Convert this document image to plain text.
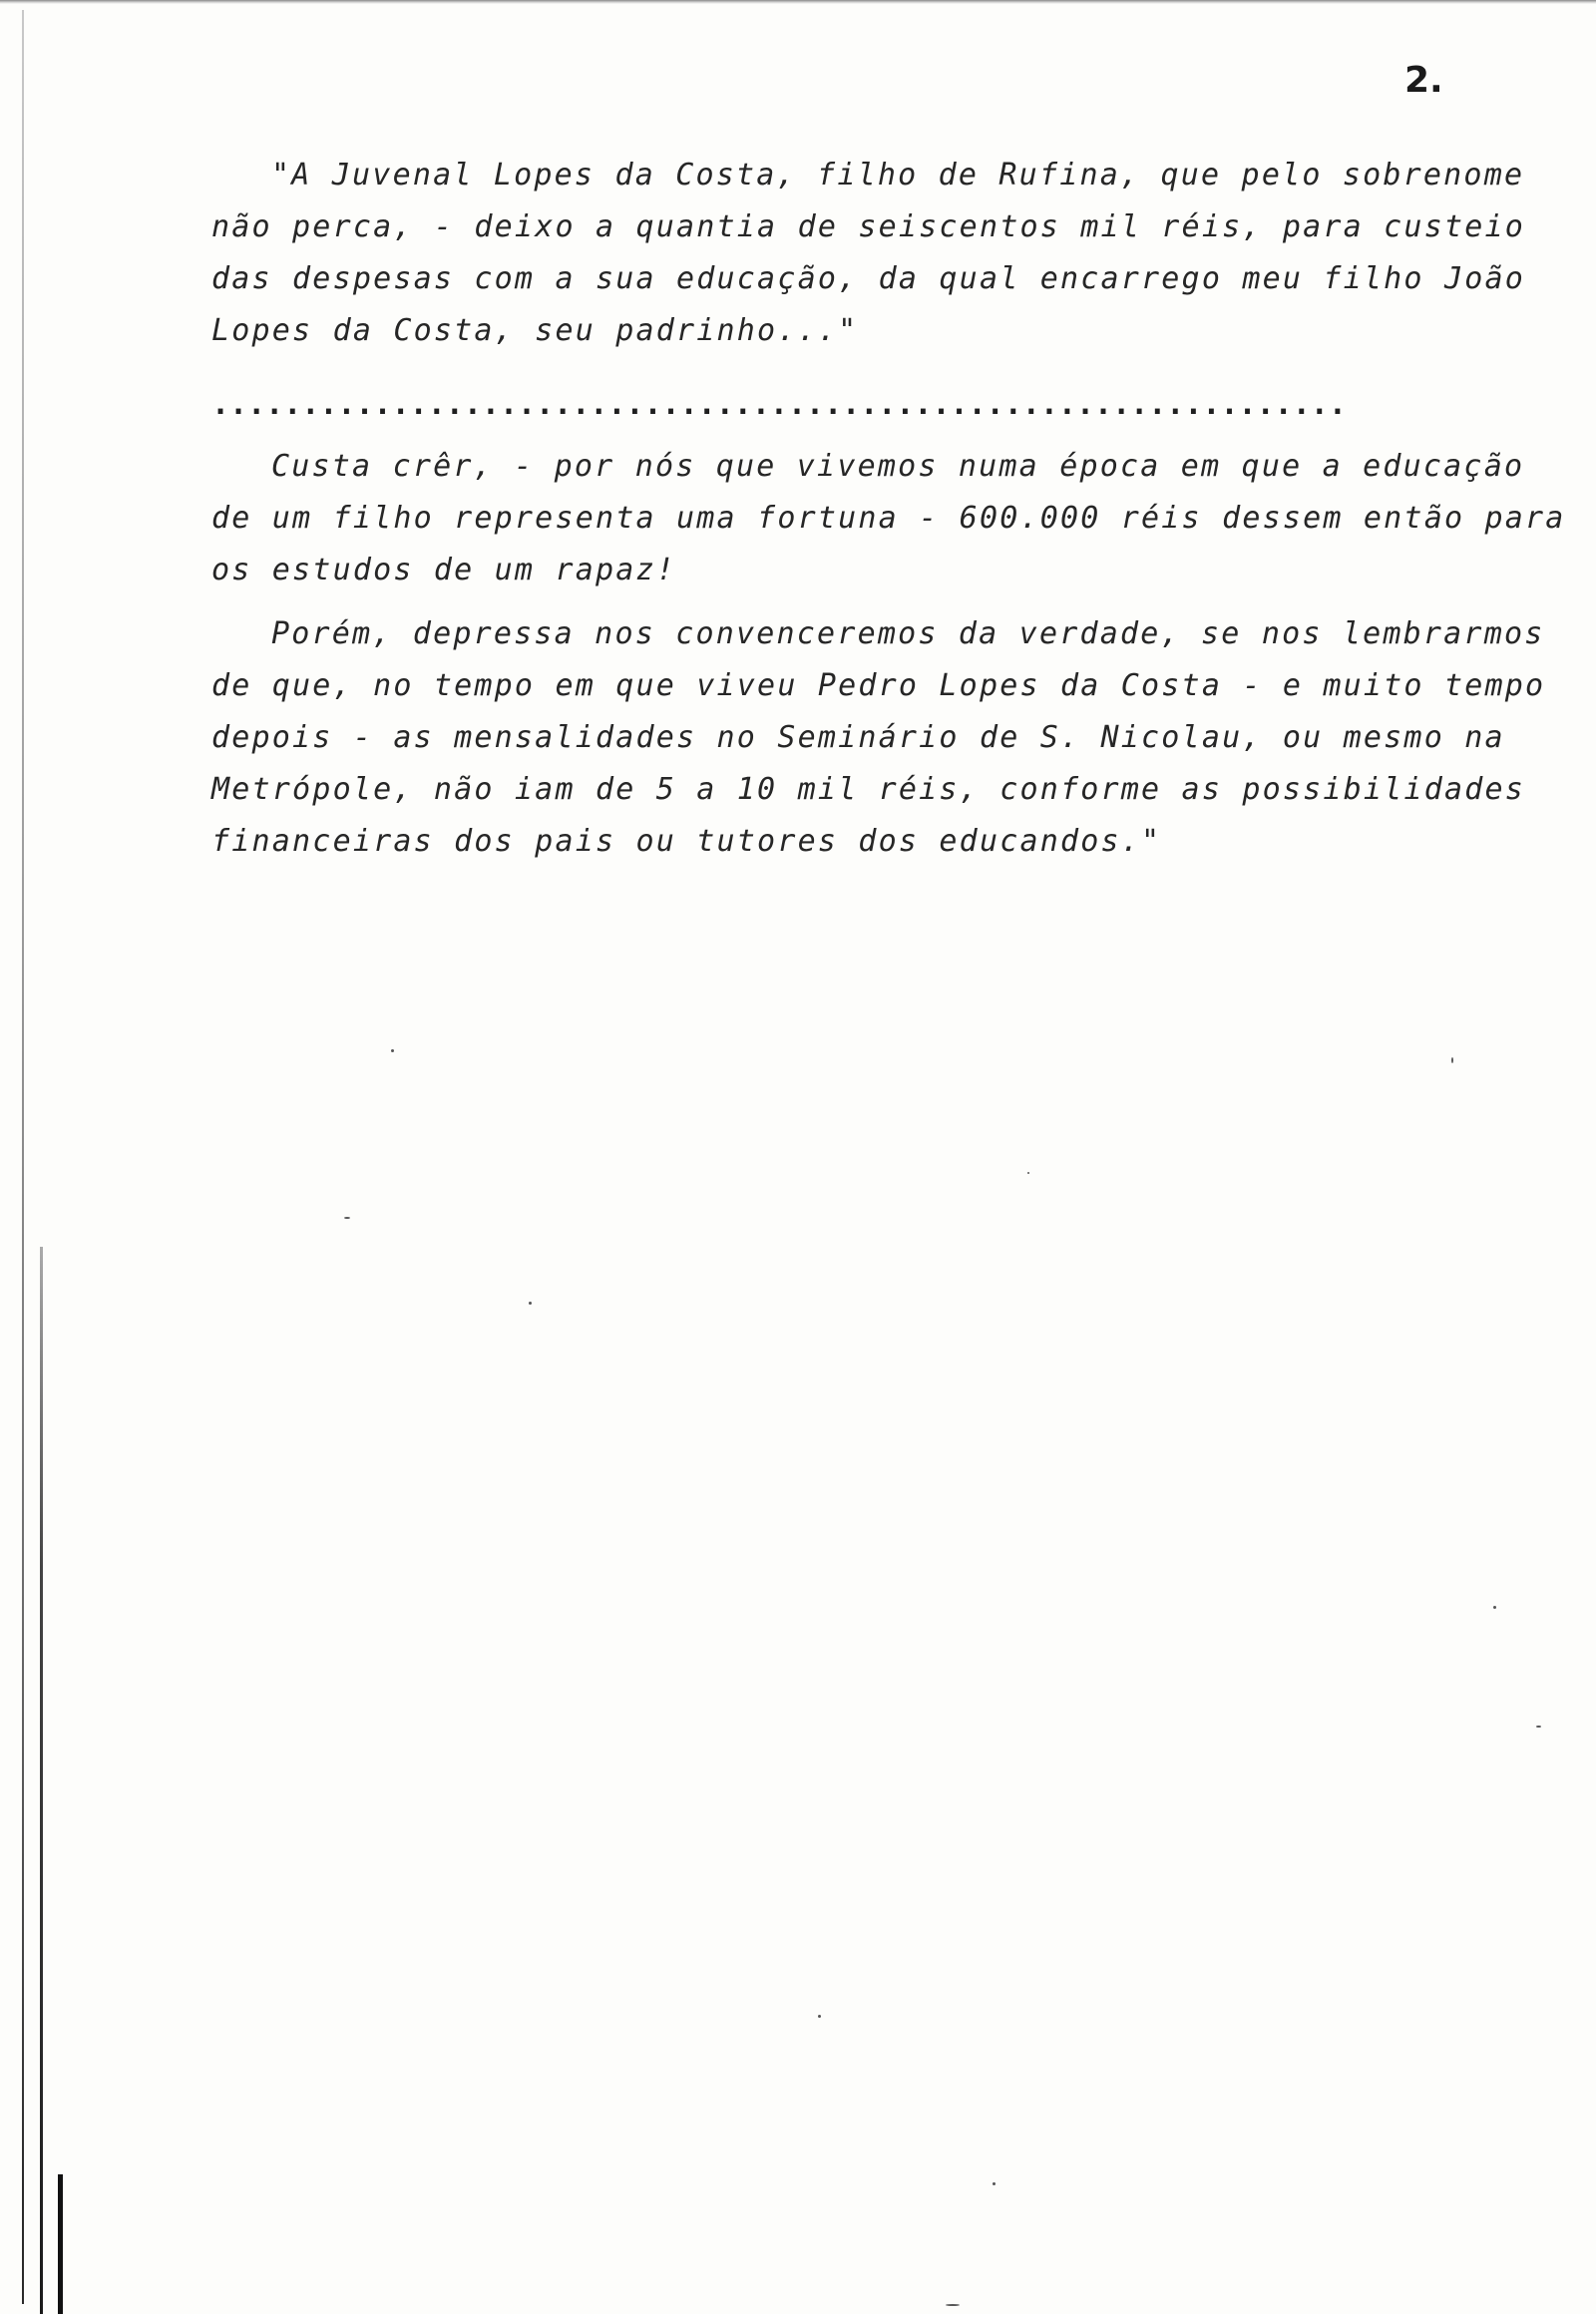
2.

"A Juvenal Lopes da Costa, filho de Rufina, que pelo sobrenome não perca, - deixo a quantia de seiscentos mil réis, para custeio das despesas com a sua educação, da qual encarrego meu filho João Lopes da Costa, seu padrinho..."

...............................................................

Custa crêr, - por nós que vivemos numa época em que a educação de um filho representa uma fortuna - 600.000 réis dessem então para os estudos de um rapaz!

Porém, depressa nos convenceremos da verdade, se nos lembrarmos de que, no tempo em que viveu Pedro Lopes da Costa - e muito tempo depois - as mensalidades no Seminário de S. Nicolau, ou mesmo na Metrópole, não iam de 5 a 10 mil réis, conforme as possibilidades financeiras dos pais ou tutores dos educandos."
